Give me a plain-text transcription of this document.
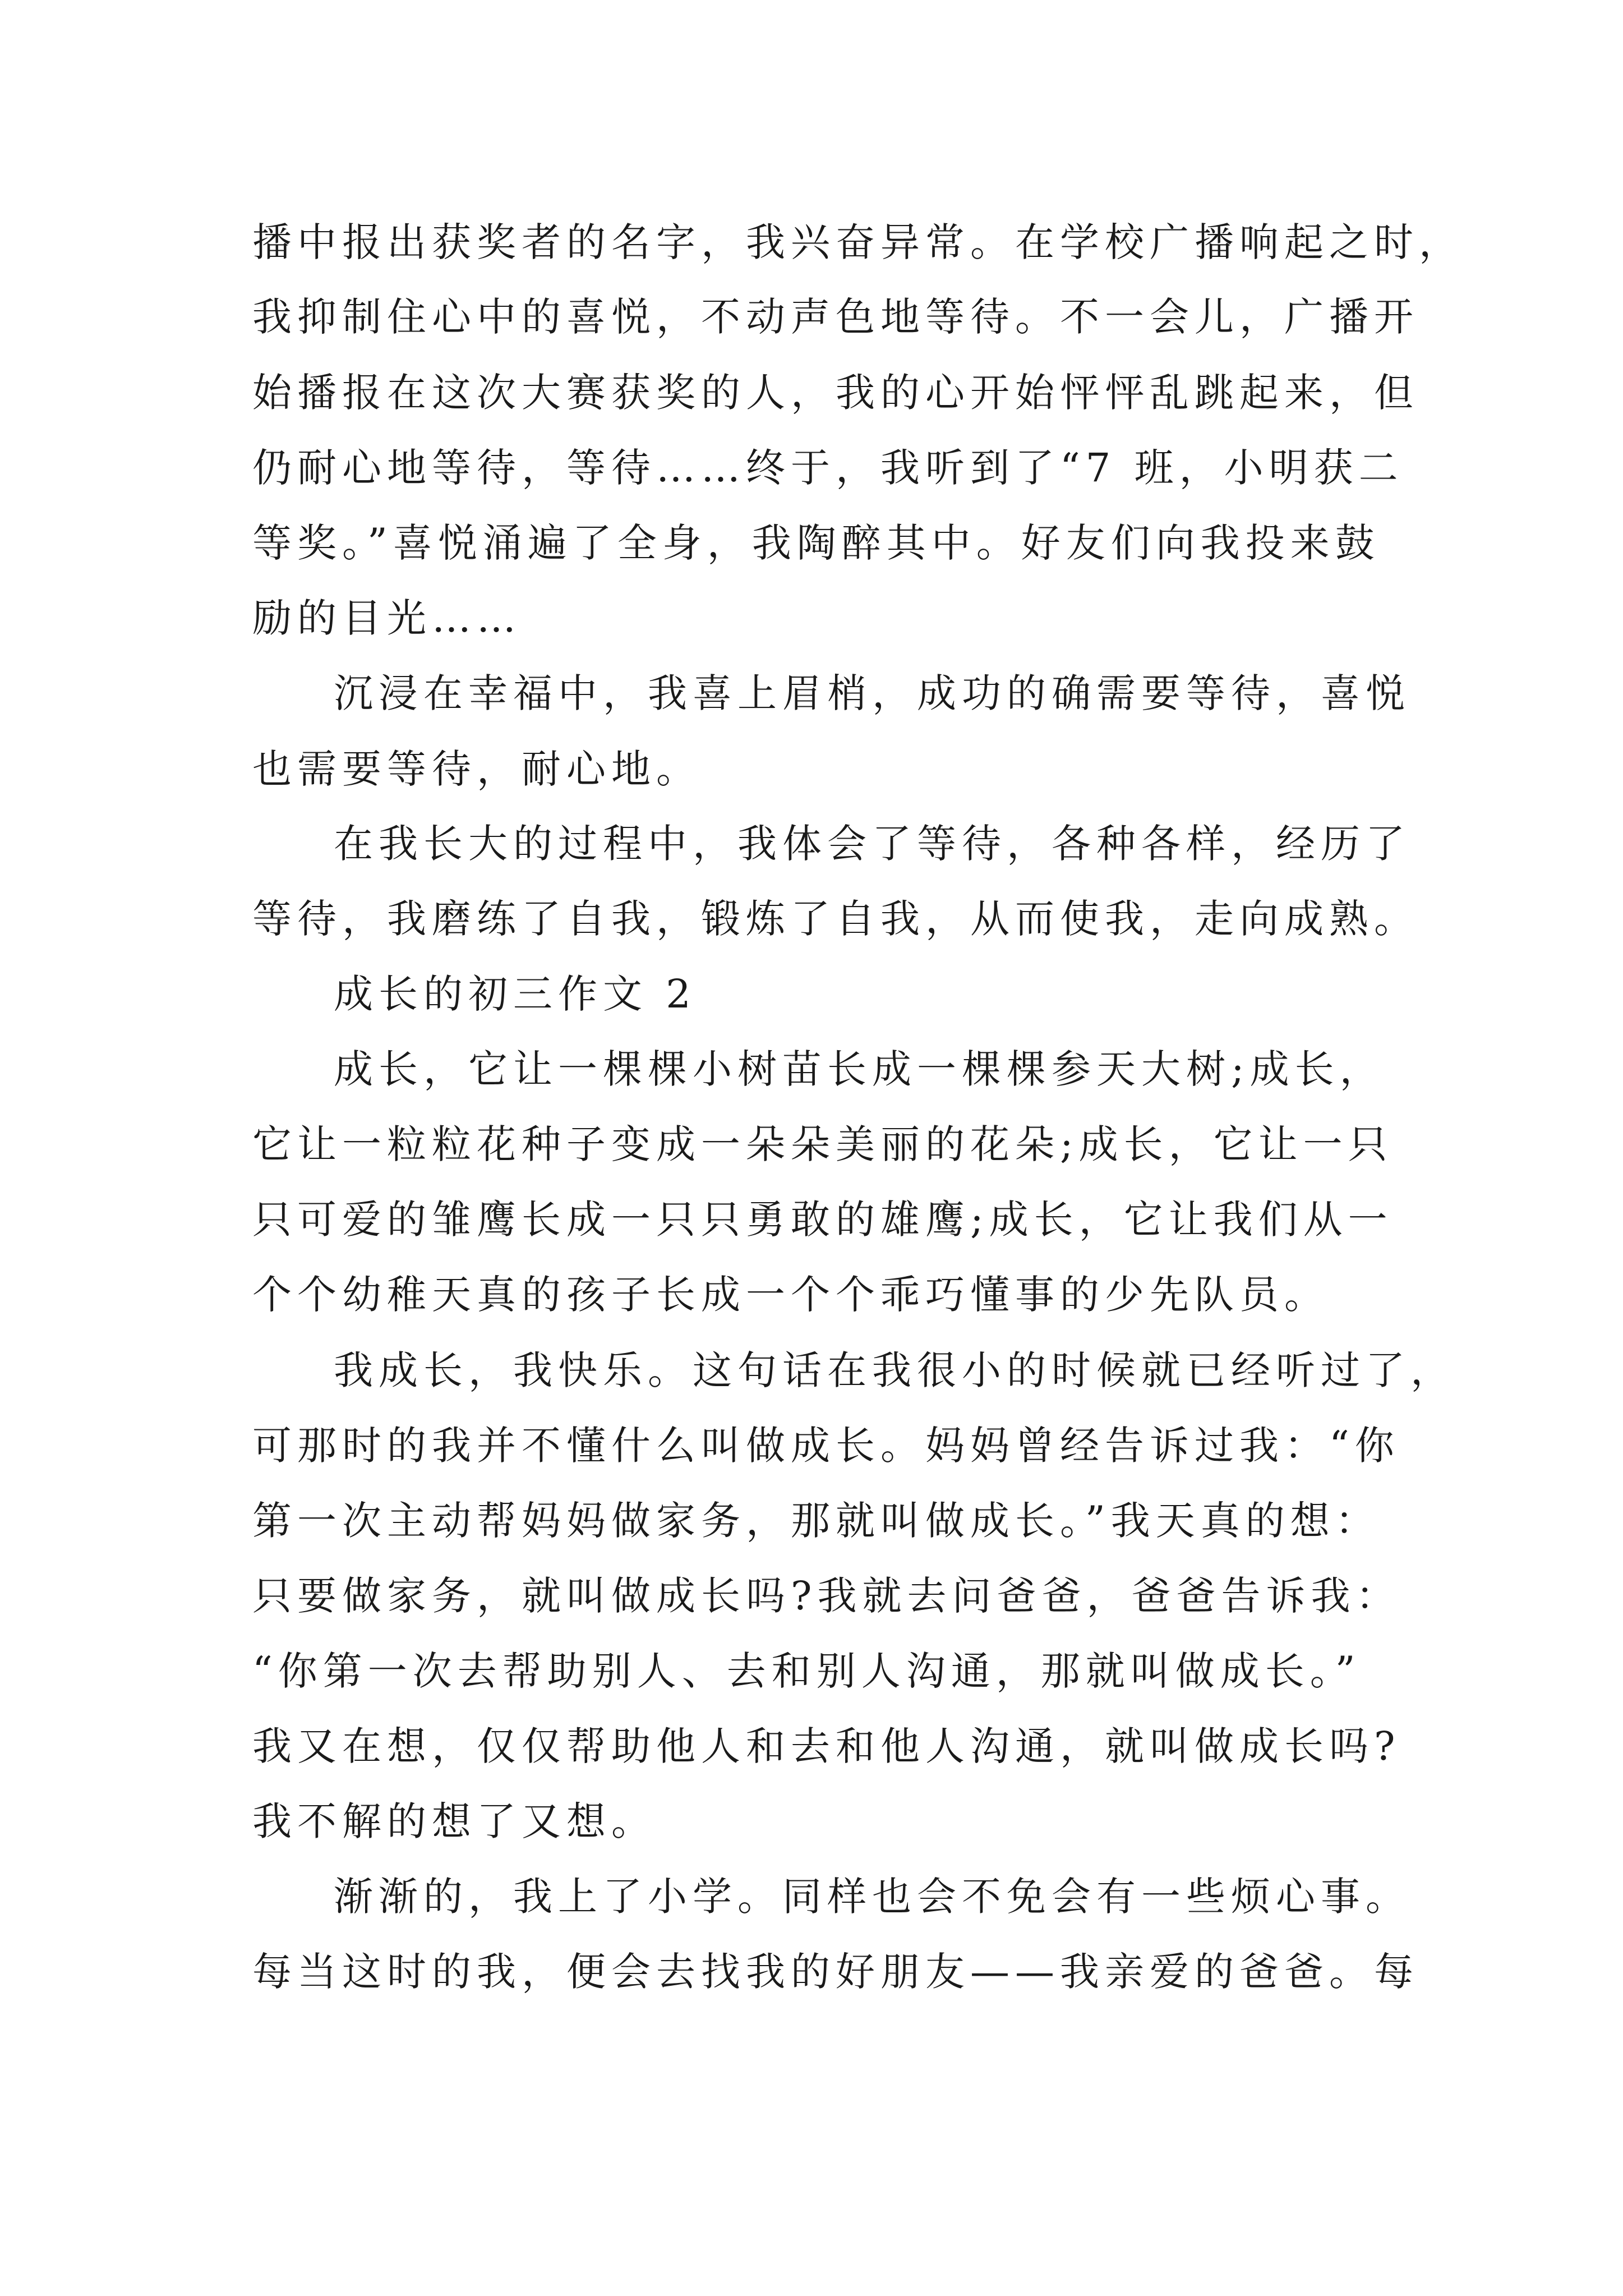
播中报出获奖者的名字，我兴奋异常。在学校广播响起之时，
我抑制住心中的喜悦，不动声色地等待。不一会儿，广播开
始播报在这次大赛获奖的人，我的心开始怦怦乱跳起来，但
仍耐心地等待，等待……终于，我听到了“7 班，小明获二
等奖。”喜悦涌遍了全身，我陶醉其中。好友们向我投来鼓
励的目光……
沉浸在幸福中，我喜上眉梢，成功的确需要等待，喜悦
也需要等待，耐心地。
在我长大的过程中，我体会了等待，各种各样，经历了
等待，我磨练了自我，锻炼了自我，从而使我，走向成熟。
成长的初三作文 2
成长，它让一棵棵小树苗长成一棵棵参天大树;成长，
它让一粒粒花种子变成一朵朵美丽的花朵;成长，它让一只
只可爱的雏鹰长成一只只勇敢的雄鹰;成长，它让我们从一
个个幼稚天真的孩子长成一个个乖巧懂事的少先队员。
我成长，我快乐。这句话在我很小的时候就已经听过了，
可那时的我并不懂什么叫做成长。妈妈曾经告诉过我：“你
第一次主动帮妈妈做家务，那就叫做成长。”我天真的想：
只要做家务，就叫做成长吗?我就去问爸爸，爸爸告诉我：
“你第一次去帮助别人、去和别人沟通，那就叫做成长。”
我又在想，仅仅帮助他人和去和他人沟通，就叫做成长吗?
我不解的想了又想。
渐渐的，我上了小学。同样也会不免会有一些烦心事。
每当这时的我，便会去找我的好朋友——我亲爱的爸爸。每
